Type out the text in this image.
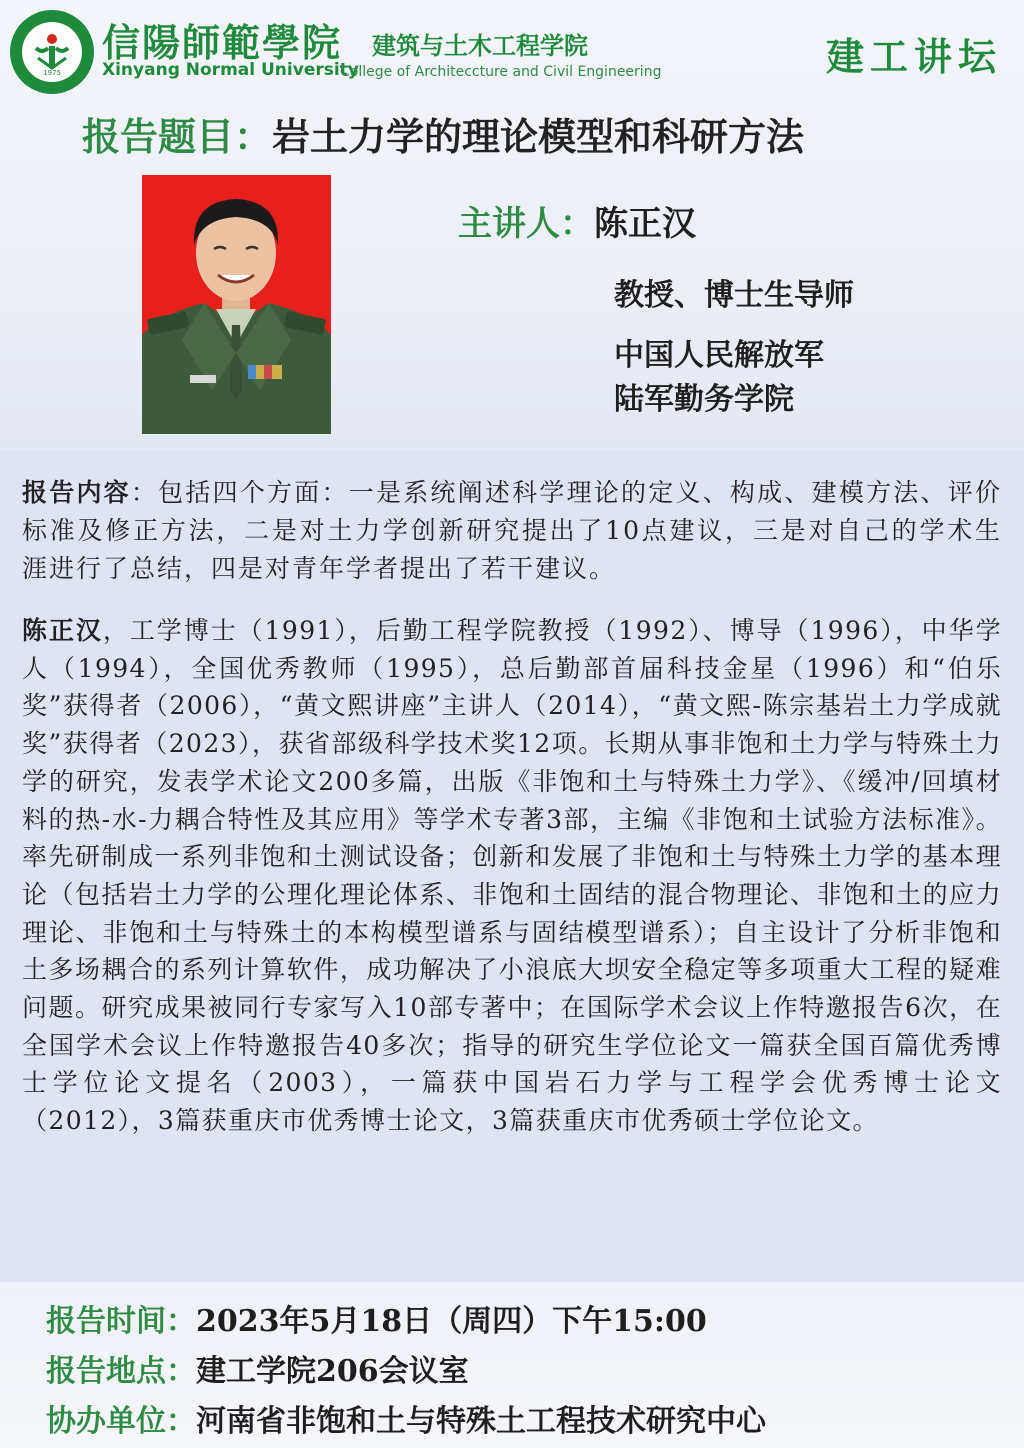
1975
信陽師範學院
Xinyang Normal University
建筑与土木工程学院
College of Architeccture and Civil Engineering	建工讲坛
报告题目：岩土力学的理论模型和科研方法
主讲人：陈正汉
教授、博士生导师
中国人民解放军
陆军勤务学院
报告内容：包括四个方面：一是系统阐述科学理论的定义、构成、建模方法、评价标准及修正方法，二是对土力学创新研究提出了10点建议，三是对自己的学术生涯进行了总结，四是对青年学者提出了若干建议。
陈正汉，工学博士（1991），后勤工程学院教授（1992）、博导（1996），中华学人（1994），全国优秀教师（1995），总后勤部首届科技金星（1996）和“伯乐奖”获得者（2006），“黄文熙讲座”主讲人（2014），“黄文熙-陈宗基岩土力学成就奖”获得者（2023），获省部级科学技术奖12项。长期从事非饱和土力学与特殊土力学的研究，发表学术论文200多篇，出版《非饱和土与特殊土力学》、《缓冲/回填材料的热-水-力耦合特性及其应用》等学术专著3部，主编《非饱和土试验方法标准》。率先研制成一系列非饱和土测试设备；创新和发展了非饱和土与特殊土力学的基本理论（包括岩土力学的公理化理论体系、非饱和土固结的混合物理论、非饱和土的应力理论、非饱和土与特殊土的本构模型谱系与固结模型谱系）；自主设计了分析非饱和土多场耦合的系列计算软件，成功解决了小浪底大坝安全稳定等多项重大工程的疑难问题。研究成果被同行专家写入10部专著中；在国际学术会议上作特邀报告6次，在全国学术会议上作特邀报告40多次；指导的研究生学位论文一篇获全国百篇优秀博士学位论文提名（2003），一篇获中国岩石力学与工程学会优秀博士论文（2012），3篇获重庆市优秀博士论文，3篇获重庆市优秀硕士学位论文。
报告时间：2023年5月18日（周四）下午15:00
报告地点：建工学院206会议室
协办单位：河南省非饱和土与特殊土工程技术研究中心
